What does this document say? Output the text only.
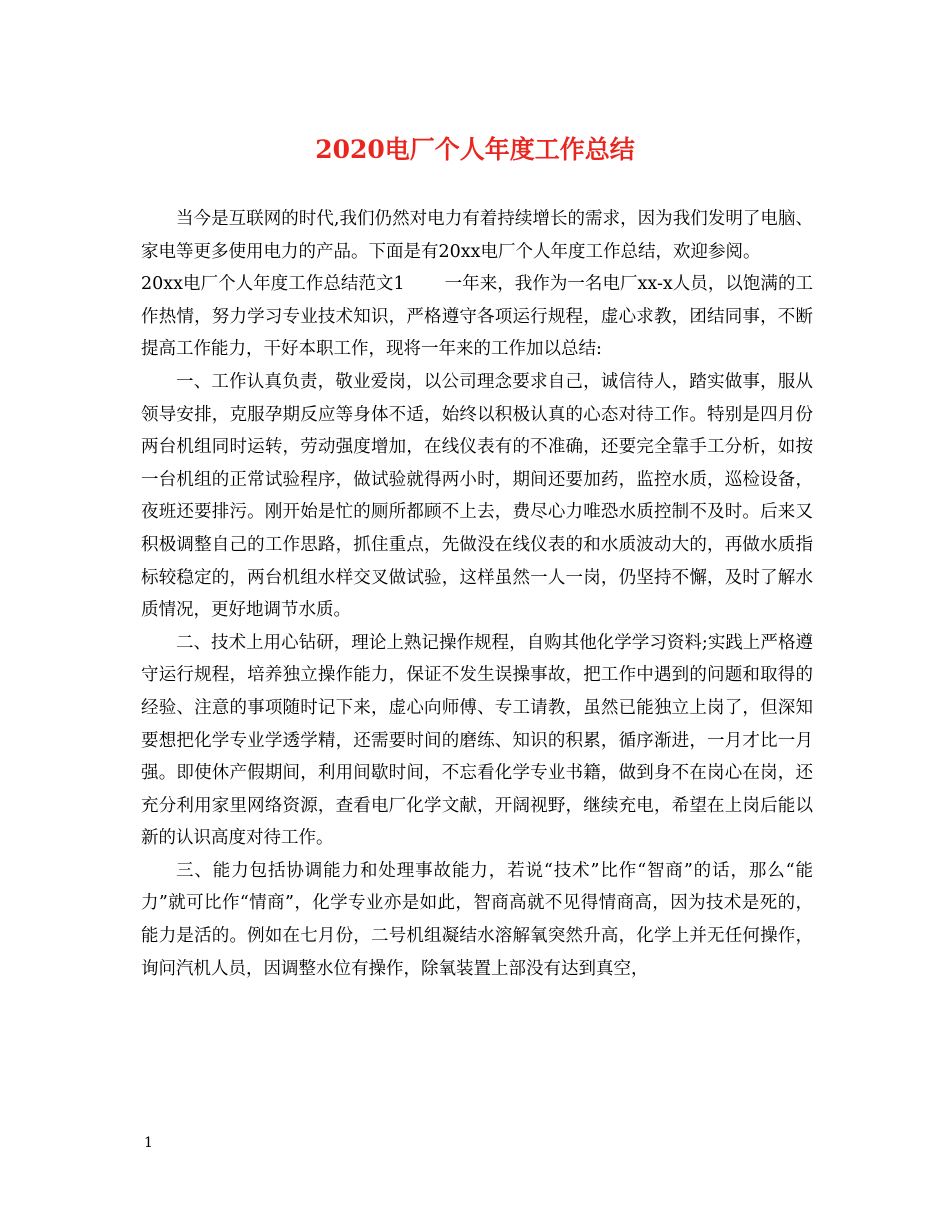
2020电厂个人年度工作总结

当今是互联网的时代,我们仍然对电力有着持续增长的需求，因为我们发明了电脑、家电等更多使用电力的产品。下面是有20xx电厂个人年度工作总结，欢迎参阅。

20xx电厂个人年度工作总结范文1 一年来，我作为一名电厂xx-x人员，以饱满的工作热情，努力学习专业技术知识，严格遵守各项运行规程，虚心求教，团结同事，不断提高工作能力，干好本职工作，现将一年来的工作加以总结:

一、工作认真负责，敬业爱岗，以公司理念要求自己，诚信待人，踏实做事，服从领导安排，克服孕期反应等身体不适，始终以积极认真的心态对待工作。特别是四月份两台机组同时运转，劳动强度增加，在线仪表有的不准确，还要完全靠手工分析，如按一台机组的正常试验程序，做试验就得两小时，期间还要加药，监控水质，巡检设备，夜班还要排污。刚开始是忙的厕所都顾不上去，费尽心力唯恐水质控制不及时。后来又积极调整自己的工作思路，抓住重点，先做没在线仪表的和水质波动大的，再做水质指标较稳定的，两台机组水样交叉做试验，这样虽然一人一岗，仍坚持不懈，及时了解水质情况，更好地调节水质。

二、技术上用心钻研，理论上熟记操作规程，自购其他化学学习资料;实践上严格遵守运行规程，培养独立操作能力，保证不发生误操事故，把工作中遇到的问题和取得的经验、注意的事项随时记下来，虚心向师傅、专工请教，虽然已能独立上岗了，但深知要想把化学专业学透学精，还需要时间的磨练、知识的积累，循序渐进，一月才比一月强。即使休产假期间，利用间歇时间，不忘看化学专业书籍，做到身不在岗心在岗，还充分利用家里网络资源，查看电厂化学文献，开阔视野，继续充电，希望在上岗后能以新的认识高度对待工作。

三、能力包括协调能力和处理事故能力，若说“技术”比作“智商”的话，那么“能力”就可比作“情商”，化学专业亦是如此，智商高就不见得情商高，因为技术是死的，能力是活的。例如在七月份，二号机组凝结水溶解氧突然升高，化学上并无任何操作，询问汽机人员，因调整水位有操作，除氧装置上部没有达到真空，

1
